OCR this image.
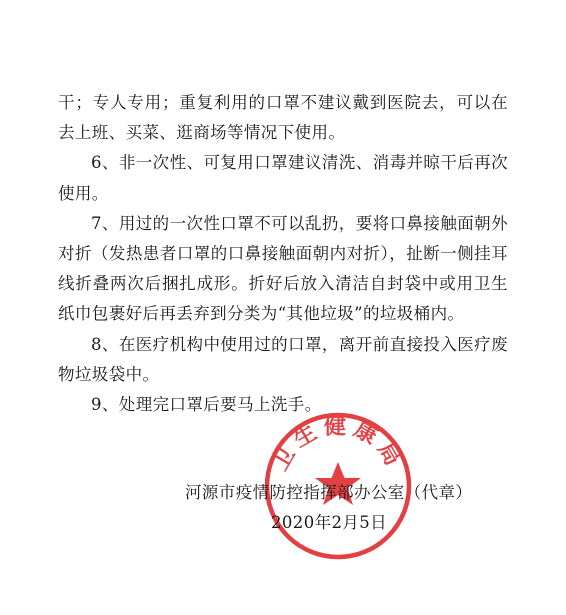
干；专人专用；重复利用的口罩不建议戴到医院去，可以在去上班、买菜、逛商场等情况下使用。

6、非一次性、可复用口罩建议清洗、消毒并晾干后再次使用。

7、用过的一次性口罩不可以乱扔，要将口鼻接触面朝外对折（发热患者口罩的口鼻接触面朝内对折），扯断一侧挂耳线折叠两次后捆扎成形。折好后放入清洁自封袋中或用卫生纸巾包裹好后再丢弃到分类为“其他垃圾”的垃圾桶内。

8、在医疗机构中使用过的口罩，离开前直接投入医疗废物垃圾袋中。

9、处理完口罩后要马上洗手。

卫生健康局
河源市疫情防控指挥部办公室（代章）
2020年2月5日
